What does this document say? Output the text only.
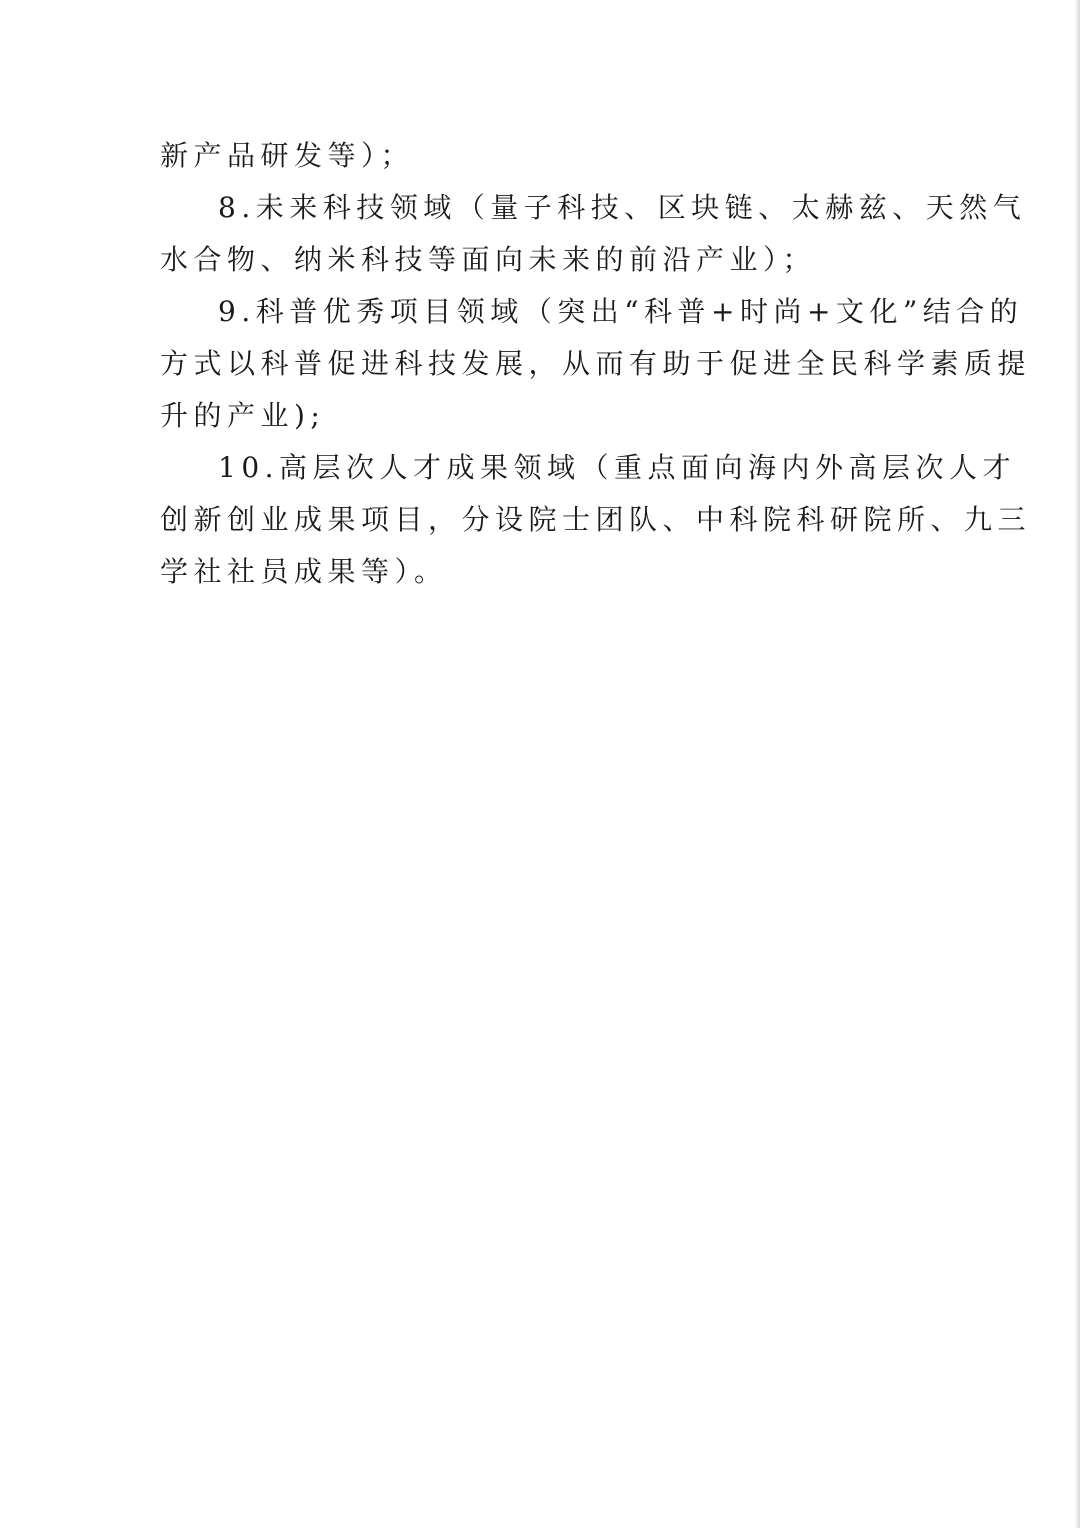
新产品研发等）；
8.未来科技领域（量子科技、区块链、太赫兹、天然气
水合物、纳米科技等面向未来的前沿产业）；
9.科普优秀项目领域（突出“科普+时尚+文化”结合的
方式以科普促进科技发展，从而有助于促进全民科学素质提
升的产业);
10.高层次人才成果领域（重点面向海内外高层次人才
创新创业成果项目，分设院士团队、中科院科研院所、九三
学社社员成果等）。
